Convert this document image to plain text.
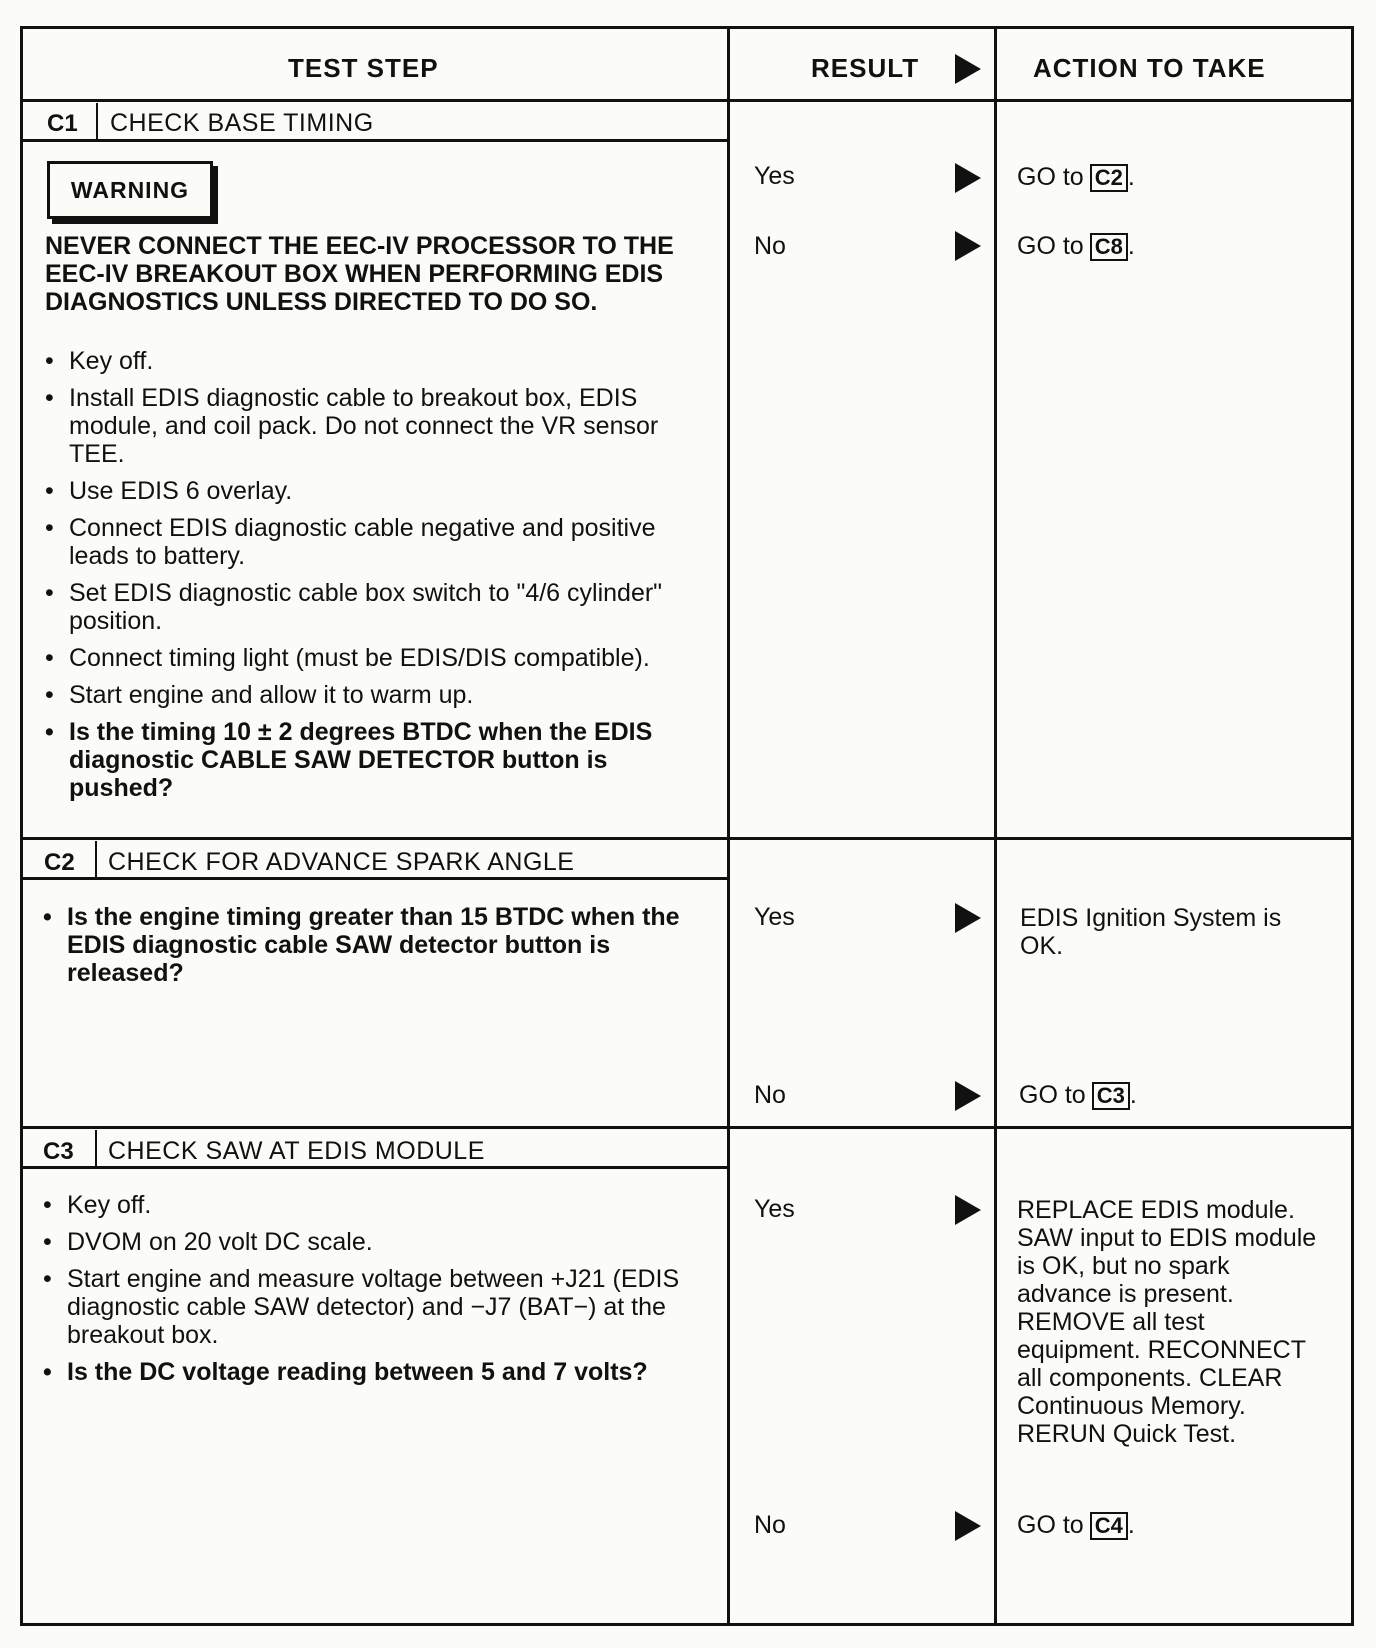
TEST STEP	RESULT	ACTION TO TAKE
C1 CHECK BASE TIMING
WARNING
NEVER CONNECT THE EEC-IV PROCESSOR TO THE EEC-IV BREAKOUT BOX WHEN PERFORMING EDIS DIAGNOSTICS UNLESS DIRECTED TO DO SO.
• Key off.
• Install EDIS diagnostic cable to breakout box, EDIS module, and coil pack. Do not connect the VR sensor TEE.
• Use EDIS 6 overlay.
• Connect EDIS diagnostic cable negative and positive leads to battery.
• Set EDIS diagnostic cable box switch to "4/6 cylinder" position.
• Connect timing light (must be EDIS/DIS compatible).
• Start engine and allow it to warm up.
• Is the timing 10 ± 2 degrees BTDC when the EDIS diagnostic CABLE SAW DETECTOR button is pushed?
Yes	GO to C2 .
No	GO to C8 .
C2 CHECK FOR ADVANCE SPARK ANGLE
• Is the engine timing greater than 15 BTDC when the EDIS diagnostic cable SAW detector button is released?
Yes	EDIS Ignition System is OK.
No	GO to C3 .
C3 CHECK SAW AT EDIS MODULE
• Key off.
• DVOM on 20 volt DC scale.
• Start engine and measure voltage between +J21 (EDIS diagnostic cable SAW detector) and −J7 (BAT−) at the breakout box.
• Is the DC voltage reading between 5 and 7 volts?
Yes	REPLACE EDIS module. SAW input to EDIS module is OK, but no spark advance is present. REMOVE all test equipment. RECONNECT all components. CLEAR Continuous Memory. RERUN Quick Test.
No	GO to C4 .
